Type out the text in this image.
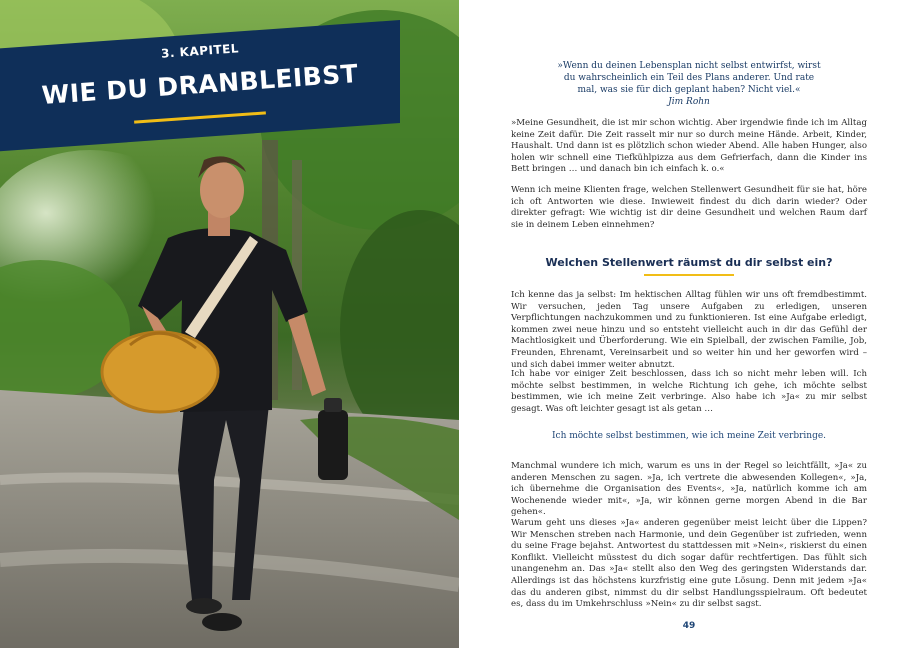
3. KAPITEL
WIE DU DRANBLEIBST	»Wenn du deinen Lebensplan nicht selbst entwirfst, wirst du wahrscheinlich ein Teil des Plans anderer. Und rate mal, was sie für dich geplant haben? Nicht viel.«
Jim Rohn

»Meine Gesundheit, die ist mir schon wichtig. Aber irgendwie finde ich im Alltag keine Zeit dafür. Die Zeit rasselt mir nur so durch meine Hände. Arbeit, Kinder, Haushalt. Und dann ist es plötzlich schon wieder Abend. Alle haben Hunger, also holen wir schnell eine Tiefkühlpizza aus dem Gefrierfach, dann die Kinder ins Bett bringen … und danach bin ich einfach k. o.«

Wenn ich meine Klienten frage, welchen Stellenwert Gesundheit für sie hat, höre ich oft Antworten wie diese. Inwieweit findest du dich darin wieder? Oder direkter gefragt: Wie wichtig ist dir deine Gesundheit und welchen Raum darf sie in deinem Leben einnehmen?

Welchen Stellenwert räumst du dir selbst ein?

Ich kenne das ja selbst: Im hektischen Alltag fühlen wir uns oft fremdbestimmt. Wir versuchen, jeden Tag unsere Aufgaben zu erledigen, unseren Verpflichtungen nachzukommen und zu funktionieren. Ist eine Aufgabe erledigt, kommen zwei neue hinzu und so entsteht vielleicht auch in dir das Gefühl der Machtlosigkeit und Überforderung. Wie ein Spielball, der zwischen Familie, Job, Freunden, Ehrenamt, Vereinsarbeit und so weiter hin und her geworfen wird – und sich dabei immer weiter abnutzt.

Ich habe vor einiger Zeit beschlossen, dass ich so nicht mehr leben will. Ich möchte selbst bestimmen, in welche Richtung ich gehe, ich möchte selbst bestimmen, wie ich meine Zeit verbringe. Also habe ich »Ja« zu mir selbst gesagt. Was oft leichter gesagt ist als getan …

Ich möchte selbst bestimmen, wie ich meine Zeit verbringe.

Manchmal wundere ich mich, warum es uns in der Regel so leichtfällt, »Ja« zu anderen Menschen zu sagen. »Ja, ich vertrete die abwesenden Kollegen«, »Ja, ich übernehme die Organisation des Events«, »Ja, natürlich komme ich am Wochenende wieder mit«, »Ja, wir können gerne morgen Abend in die Bar gehen«.

Warum geht uns dieses »Ja« anderen gegenüber meist leicht über die Lippen? Wir Menschen streben nach Harmonie, und dein Gegenüber ist zufrieden, wenn du seine Frage bejahst. Antwortest du stattdessen mit »Nein«, riskierst du einen Konflikt. Vielleicht müsstest du dich sogar dafür rechtfertigen. Das fühlt sich unangenehm an. Das »Ja« stellt also den Weg des geringsten Widerstands dar. Allerdings ist das höchstens kurzfristig eine gute Lösung. Denn mit jedem »Ja« das du anderen gibst, nimmst du dir selbst Handlungsspielraum. Oft bedeutet es, dass du im Umkehrschluss »Nein« zu dir selbst sagst.

49
